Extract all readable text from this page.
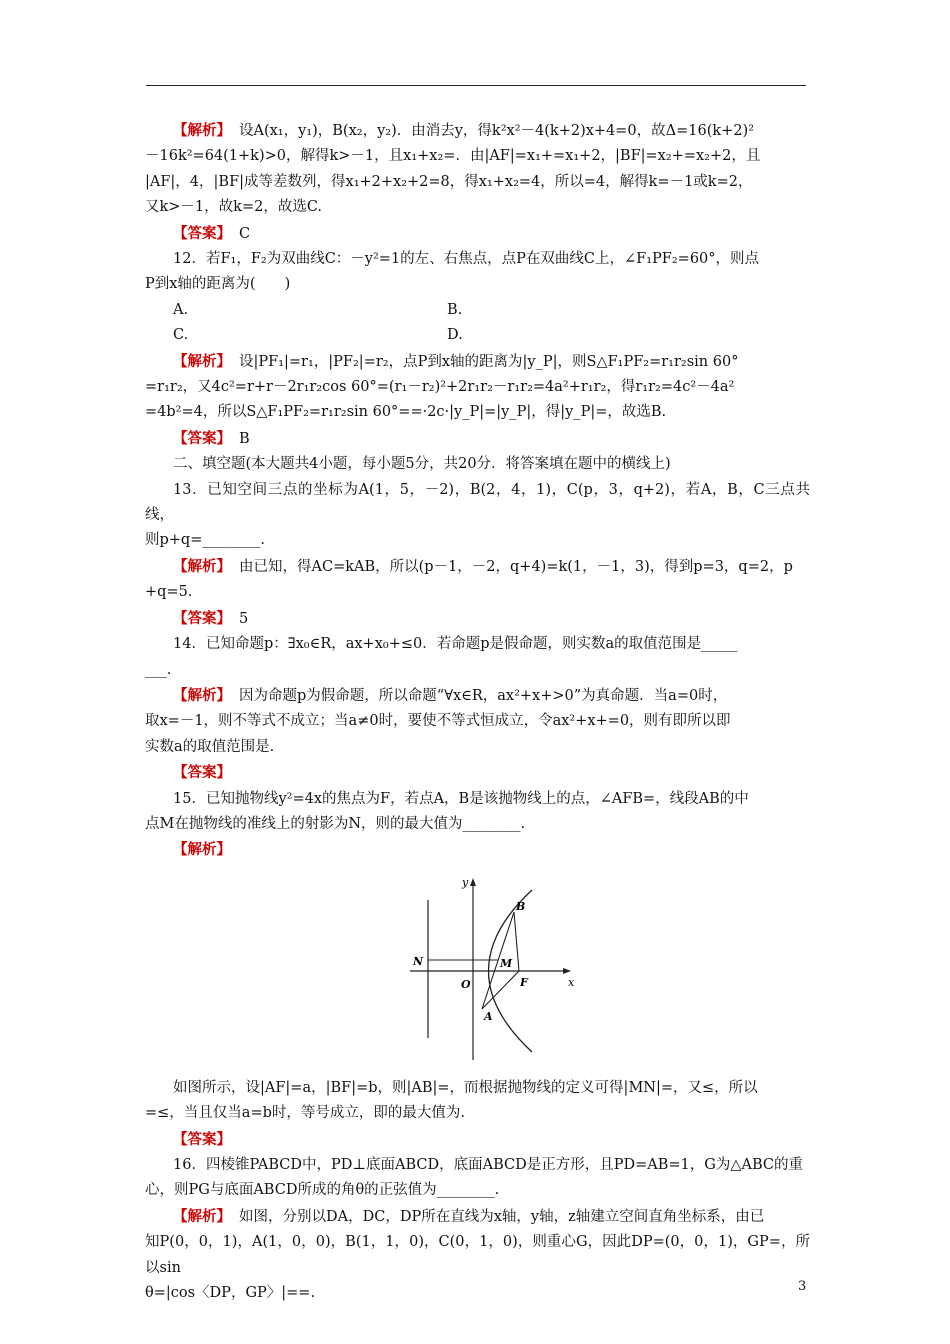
【解析】 设A(x₁，y₁)，B(x₂，y₂)．由消去y，得k²x²－4(k+2)x+4=0，故Δ=16(k+2)²

－16k²=64(1+k)>0，解得k>－1，且x₁+x₂=．由|AF|=x₁+=x₁+2，|BF|=x₂+=x₂+2，且

|AF|，4，|BF|成等差数列，得x₁+2+x₂+2=8，得x₁+x₂=4，所以=4，解得k=－1或k=2，

又k>－1，故k=2，故选C.

【答案】 C

12．若F₁，F₂为双曲线C：－y²=1的左、右焦点，点P在双曲线C上，∠F₁PF₂=60°，则点

P到x轴的距离为(　　)

A.	B.
C.	D.

【解析】 设|PF₁|=r₁，|PF₂|=r₂，点P到x轴的距离为|y_P|，则S△F₁PF₂=r₁r₂sin 60°

=r₁r₂，又4c²=r+r－2r₁r₂cos 60°=(r₁－r₂)²+2r₁r₂－r₁r₂=4a²+r₁r₂，得r₁r₂=4c²－4a²

=4b²=4，所以S△F₁PF₂=r₁r₂sin 60°==·2c·|y_P|=|y_P|，得|y_P|=，故选B.

【答案】 B

二、填空题(本大题共4小题，每小题5分，共20分．将答案填在题中的横线上)

13．已知空间三点的坐标为A(1，5，－2)，B(2，4，1)，C(p，3，q+2)，若A，B，C三点共线，

则p+q=________.

【解析】 由已知，得AC=kAB，所以(p－1，－2，q+4)=k(1，－1，3)，得到p=3，q=2，p

+q=5.

【答案】 5

14．已知命题p：∃x₀∈R，ax+x₀+≤0．若命题p是假命题，则实数a的取值范围是_____

___.

【解析】 因为命题p为假命题，所以命题“∀x∈R，ax²+x+>0”为真命题．当a=0时，

取x=－1，则不等式不成立；当a≠0时，要使不等式恒成立，令ax²+x+=0，则有即所以即

实数a的取值范围是.

【答案】

15．已知抛物线y²=4x的焦点为F，若点A，B是该抛物线上的点，∠AFB=，线段AB的中

点M在抛物线的准线上的射影为N，则的最大值为________.

【解析】

y
x
B
N	M
O	F
A

如图所示，设|AF|=a，|BF|=b，则|AB|=，而根据抛物线的定义可得|MN|=，又≤，所以

=≤，当且仅当a=b时，等号成立，即的最大值为.

【答案】

16．四棱锥PABCD中，PD⊥底面ABCD，底面ABCD是正方形，且PD=AB=1，G为△ABC的重

心，则PG与底面ABCD所成的角θ的正弦值为________.

【解析】 如图，分别以DA，DC，DP所在直线为x轴，y轴，z轴建立空间直角坐标系，由已

知P(0，0，1)，A(1，0，0)，B(1，1，0)，C(0，1，0)，则重心G，因此DP=(0，0，1)，GP=，所以sin

θ=|cos〈DP，GP〉|==.	3
